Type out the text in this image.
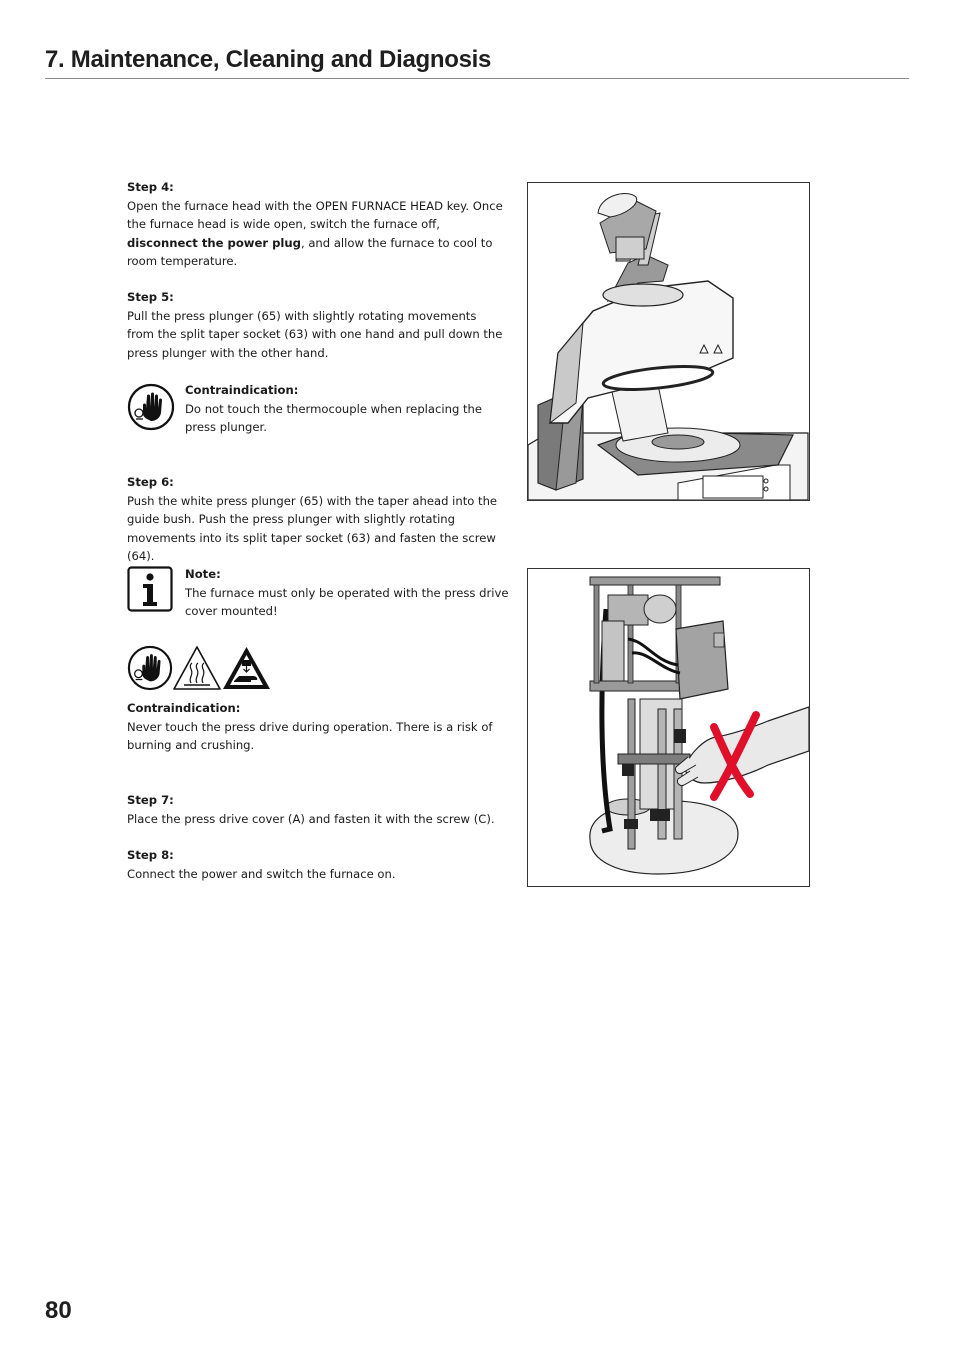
7. Maintenance, Cleaning and Diagnosis
Step 4:
Open the furnace head with the OPEN FURNACE HEAD key. Once the furnace head is wide open, switch the furnace off, disconnect the power plug, and allow the furnace to cool to room temperature.
Step 5:
Pull the press plunger (65) with slightly rotating movements from the split taper socket (63) with one hand and pull down the press plunger with the other hand.
Contraindication:
Do not touch the thermocouple when replacing the press plunger.
Step 6:
Push the white press plunger (65) with the taper ahead into the guide bush. Push the press plunger with slightly rotating movements into its split taper socket (63) and fasten the screw (64).
Note:
The furnace must only be operated with the press drive cover mounted!
Contraindication:
Never touch the press drive during operation. There is a risk of burning and crushing.
Step 7:
Place the press drive cover (A) and fasten it with the screw (C).
Step 8:
Connect the power and switch the furnace on.
80
